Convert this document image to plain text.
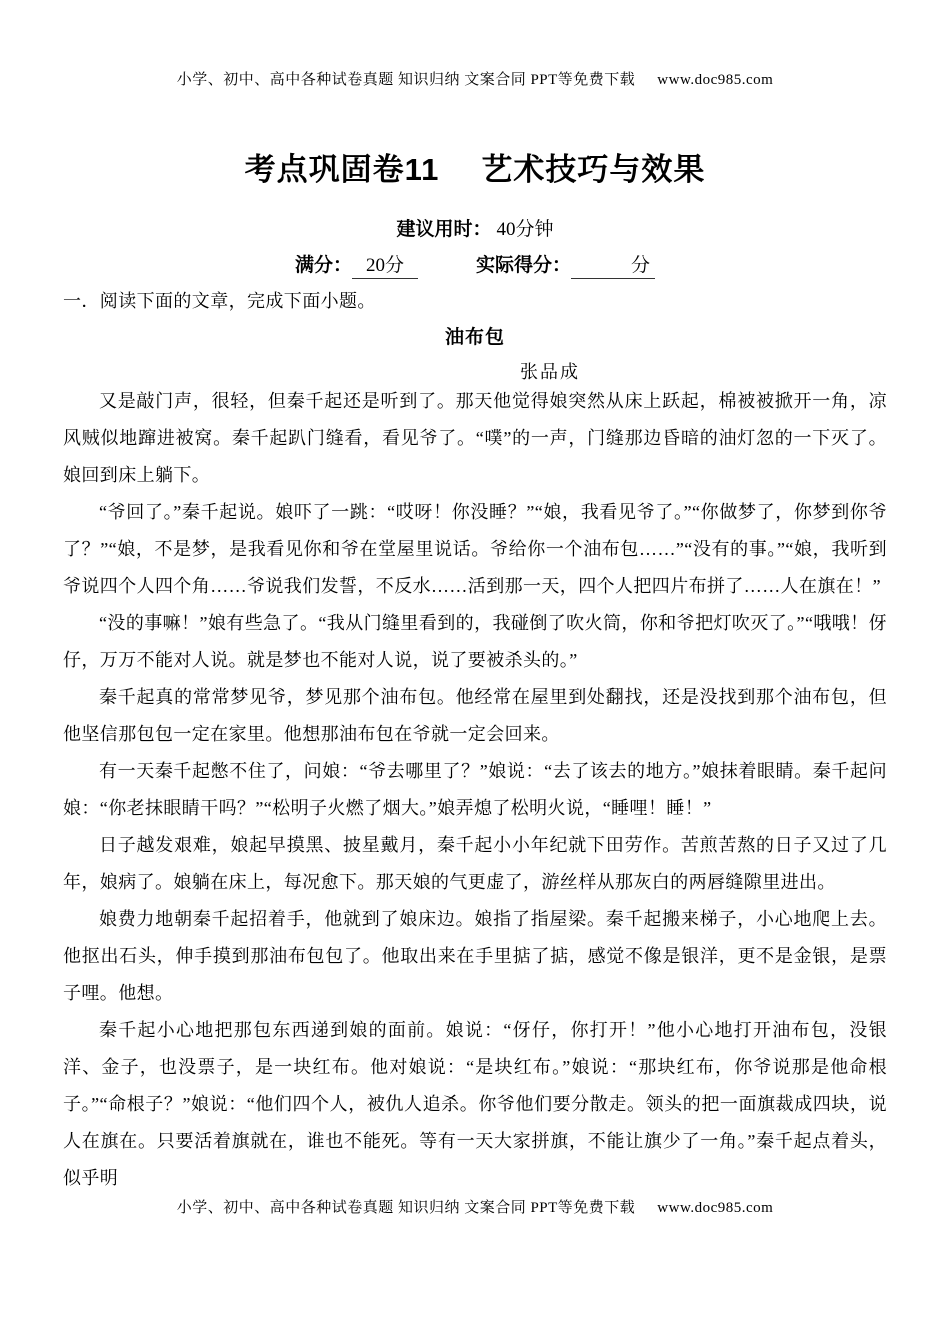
小学、初中、高中各种试卷真题 知识归纳 文案合同 PPT等免费下载 www.doc985.com
考点巩固卷11 艺术技巧与效果
建议用时： 40分钟
满分： 20分	实际得分：	分
一．阅读下面的文章，完成下面小题。
油布包
张品成

又是敲门声，很轻，但秦千起还是听到了。那天他觉得娘突然从床上跃起，棉被被掀开一角，凉风贼似地蹿进被窝。秦千起趴门缝看，看见爷了。“噗”的一声，门缝那边昏暗的油灯忽的一下灭了。娘回到床上躺下。

“爷回了。”秦千起说。娘吓了一跳：“哎呀！你没睡？”“娘，我看见爷了。”“你做梦了，你梦到你爷了？”“娘，不是梦，是我看见你和爷在堂屋里说话。爷给你一个油布包……”“没有的事。”“娘，我听到爷说四个人四个角……爷说我们发誓，不反水……活到那一天，四个人把四片布拼了……人在旗在！”

“没的事嘛！”娘有些急了。“我从门缝里看到的，我碰倒了吹火筒，你和爷把灯吹灭了。”“哦哦！伢仔，万万不能对人说。就是梦也不能对人说，说了要被杀头的。”

秦千起真的常常梦见爷，梦见那个油布包。他经常在屋里到处翻找，还是没找到那个油布包，但他坚信那包包一定在家里。他想那油布包在爷就一定会回来。

有一天秦千起憋不住了，问娘：“爷去哪里了？”娘说：“去了该去的地方。”娘抹着眼睛。秦千起问娘：“你老抹眼睛干吗？”“松明子火燃了烟大。”娘弄熄了松明火说，“睡哩！睡！”

日子越发艰难，娘起早摸黑、披星戴月，秦千起小小年纪就下田劳作。苦煎苦熬的日子又过了几年，娘病了。娘躺在床上，每况愈下。那天娘的气更虚了，游丝样从那灰白的两唇缝隙里进出。

娘费力地朝秦千起招着手，他就到了娘床边。娘指了指屋梁。秦千起搬来梯子，小心地爬上去。他抠出石头，伸手摸到那油布包包了。他取出来在手里掂了掂，感觉不像是银洋，更不是金银，是票子哩。他想。

秦千起小心地把那包东西递到娘的面前。娘说：“伢仔，你打开！”他小心地打开油布包，没银洋、金子，也没票子，是一块红布。他对娘说：“是块红布。”娘说：“那块红布，你爷说那是他命根子。”“命根子？”娘说：“他们四个人，被仇人追杀。你爷他们要分散走。领头的把一面旗裁成四块，说人在旗在。只要活着旗就在，谁也不能死。等有一天大家拼旗，不能让旗少了一角。”秦千起点着头，似乎明

小学、初中、高中各种试卷真题 知识归纳 文案合同 PPT等免费下载 www.doc985.com
